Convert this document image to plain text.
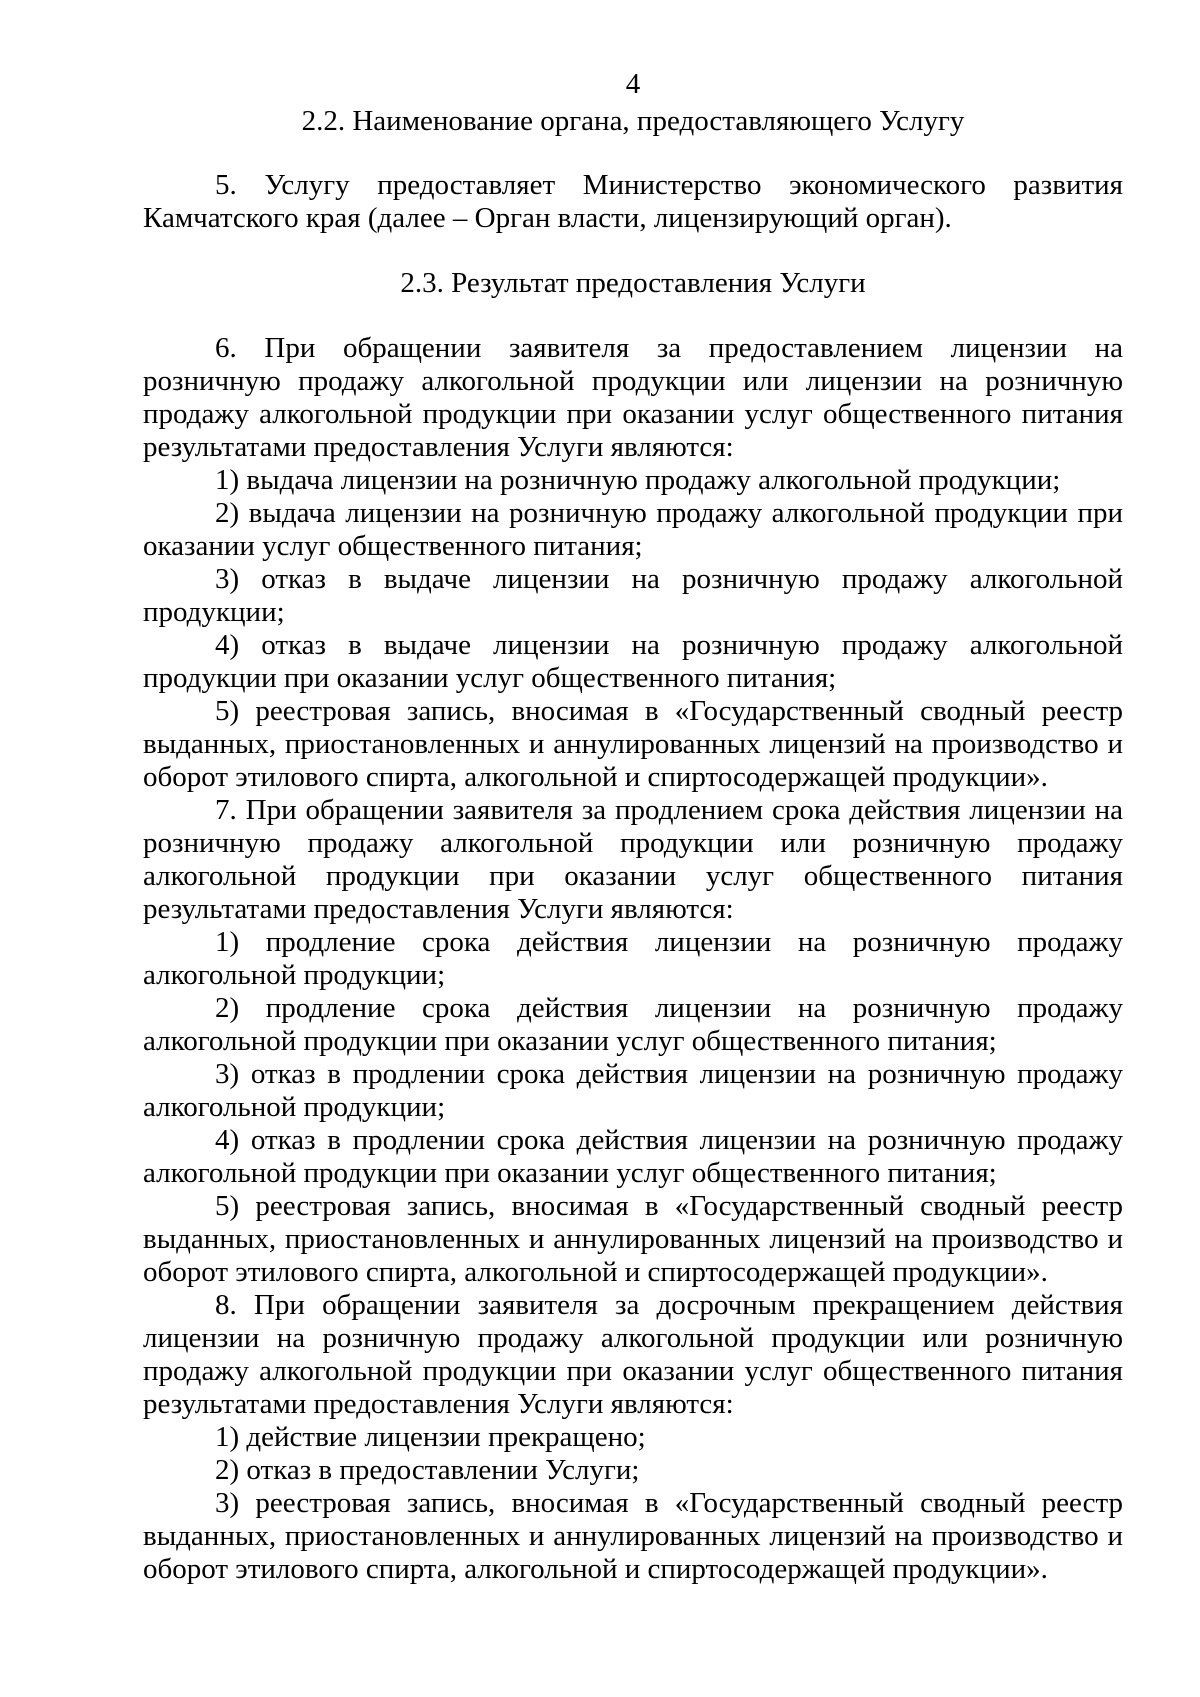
4
2.2. Наименование органа, предоставляющего Услугу

5. Услугу предоставляет Министерство экономического развития Камчатского края (далее – Орган власти, лицензирующий орган).

2.3. Результат предоставления Услуги

6. При обращении заявителя за предоставлением лицензии на розничную продажу алкогольной продукции или лицензии на розничную продажу алкогольной продукции при оказании услуг общественного питания результатами предоставления Услуги являются:

1) выдача лицензии на розничную продажу алкогольной продукции;

2) выдача лицензии на розничную продажу алкогольной продукции при оказании услуг общественного питания;

3) отказ в выдаче лицензии на розничную продажу алкогольной продукции;

4) отказ в выдаче лицензии на розничную продажу алкогольной продукции при оказании услуг общественного питания;

5) реестровая запись, вносимая в «Государственный сводный реестр выданных, приостановленных и аннулированных лицензий на производство и оборот этилового спирта, алкогольной и спиртосодержащей продукции».

7. При обращении заявителя за продлением срока действия лицензии на розничную продажу алкогольной продукции или розничную продажу алкогольной продукции при оказании услуг общественного питания результатами предоставления Услуги являются:

1) продление срока действия лицензии на розничную продажу алкогольной продукции;

2) продление срока действия лицензии на розничную продажу алкогольной продукции при оказании услуг общественного питания;

3) отказ в продлении срока действия лицензии на розничную продажу алкогольной продукции;

4) отказ в продлении срока действия лицензии на розничную продажу алкогольной продукции при оказании услуг общественного питания;

5) реестровая запись, вносимая в «Государственный сводный реестр выданных, приостановленных и аннулированных лицензий на производство и оборот этилового спирта, алкогольной и спиртосодержащей продукции».

8. При обращении заявителя за досрочным прекращением действия лицензии на розничную продажу алкогольной продукции или розничную продажу алкогольной продукции при оказании услуг общественного питания результатами предоставления Услуги являются:

1) действие лицензии прекращено;

2) отказ в предоставлении Услуги;

3) реестровая запись, вносимая в «Государственный сводный реестр выданных, приостановленных и аннулированных лицензий на производство и оборот этилового спирта, алкогольной и спиртосодержащей продукции».
